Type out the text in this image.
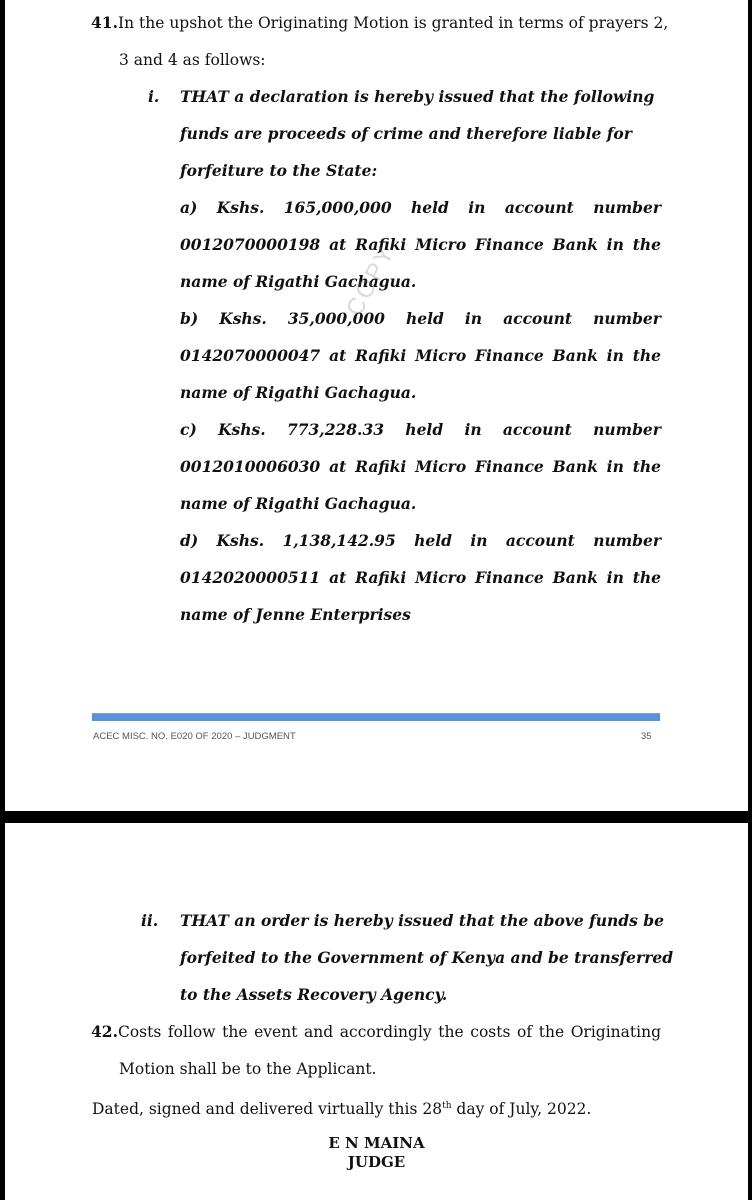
41.In the upshot the Originating Motion is granted in terms of prayers 2,
3 and 4 as follows:
i. THAT a declaration is hereby issued that the following
funds are proceeds of crime and therefore liable for
forfeiture to the State:
a) Kshs. 165,000,000 held in account number
0012070000198 at Rafiki Micro Finance Bank in the
name of Rigathi Gachagua.
b) Kshs. 35,000,000 held in account number
0142070000047 at Rafiki Micro Finance Bank in the
name of Rigathi Gachagua.
c) Kshs. 773,228.33 held in account number
0012010006030 at Rafiki Micro Finance Bank in the
name of Rigathi Gachagua.
d) Kshs. 1,138,142.95 held in account number
0142020000511 at Rafiki Micro Finance Bank in the
name of Jenne Enterprises
COPY
ACEC MISC. NO. E020 OF 2020 – JUDGMENT	35
ii. THAT an order is hereby issued that the above funds be
forfeited to the Government of Kenya and be transferred
to the Assets Recovery Agency.
42.Costs follow the event and accordingly the costs of the Originating
Motion shall be to the Applicant.
Dated, signed and delivered virtually this 28th day of July, 2022.
E N MAINA
JUDGE
